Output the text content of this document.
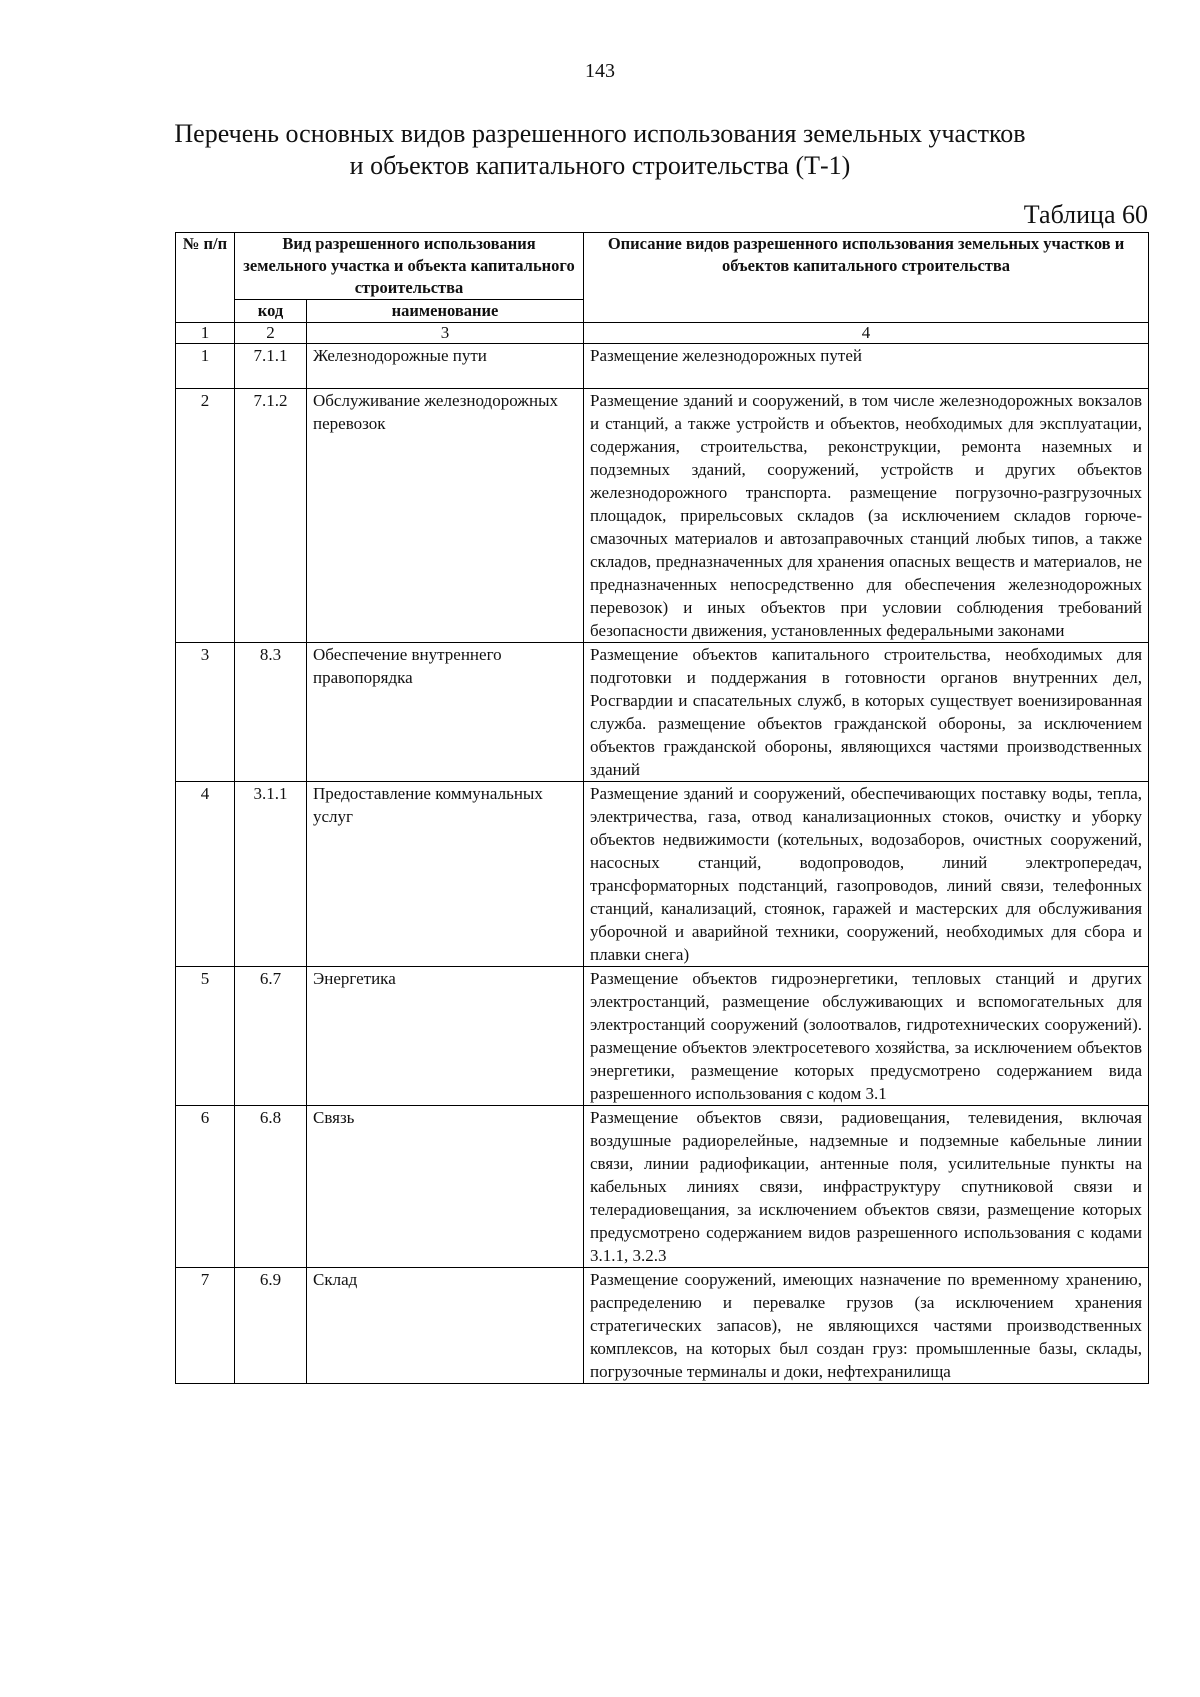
143
Перечень основных видов разрешенного использования земельных участков
и объектов капитального строительства (Т-1)
Таблица 60
№ п/п	Вид разрешенного использования земельного участка и объекта капитального строительства		Описание видов разрешенного использования земельных участков и объектов капитального строительства
	код	наименование	
1	2	3	4
1	7.1.1	Железнодорожные пути	Размещение железнодорожных путей
2	7.1.2	Обслуживание железнодорожных перевозок	Размещение зданий и сооружений, в том числе железнодорожных вокзалов и станций, а также устройств и объектов, необходимых для эксплуатации, содержания, строительства, реконструкции, ремонта наземных и подземных зданий, сооружений, устройств и других объектов железнодорожного транспорта. размещение погрузочно-разгрузочных площадок, прирельсовых складов (за исключением складов горюче-смазочных материалов и автозаправочных станций любых типов, а также складов, предназначенных для хранения опасных веществ и материалов, не предназначенных непосредственно для обеспечения железнодорожных перевозок) и иных объектов при условии соблюдения требований безопасности движения, установленных федеральными законами
3	8.3	Обеспечение внутреннего правопорядка	Размещение объектов капитального строительства, необходимых для подготовки и поддержания в готовности органов внутренних дел, Росгвардии и спасательных служб, в которых существует военизированная служба. размещение объектов гражданской обороны, за исключением объектов гражданской обороны, являющихся частями производственных зданий
4	3.1.1	Предоставление коммунальных услуг	Размещение зданий и сооружений, обеспечивающих поставку воды, тепла, электричества, газа, отвод канализационных стоков, очистку и уборку объектов недвижимости (котельных, водозаборов, очистных сооружений, насосных станций, водопроводов, линий электропередач, трансформаторных подстанций, газопроводов, линий связи, телефонных станций, канализаций, стоянок, гаражей и мастерских для обслуживания уборочной и аварийной техники, сооружений, необходимых для сбора и плавки снега)
5	6.7	Энергетика	Размещение объектов гидроэнергетики, тепловых станций и других электростанций, размещение обслуживающих и вспомогательных для электростанций сооружений (золоотвалов, гидротехнических сооружений). размещение объектов электросетевого хозяйства, за исключением объектов энергетики, размещение которых предусмотрено содержанием вида разрешенного использования с кодом 3.1
6	6.8	Связь	Размещение объектов связи, радиовещания, телевидения, включая воздушные радиорелейные, надземные и подземные кабельные линии связи, линии радиофикации, антенные поля, усилительные пункты на кабельных линиях связи, инфраструктуру спутниковой связи и телерадиовещания, за исключением объектов связи, размещение которых предусмотрено содержанием видов разрешенного использования с кодами 3.1.1, 3.2.3
7	6.9	Склад	Размещение сооружений, имеющих назначение по временному хранению, распределению и перевалке грузов (за исключением хранения стратегических запасов), не являющихся частями производственных комплексов, на которых был создан груз: промышленные базы, склады, погрузочные терминалы и доки, нефтехранилища
